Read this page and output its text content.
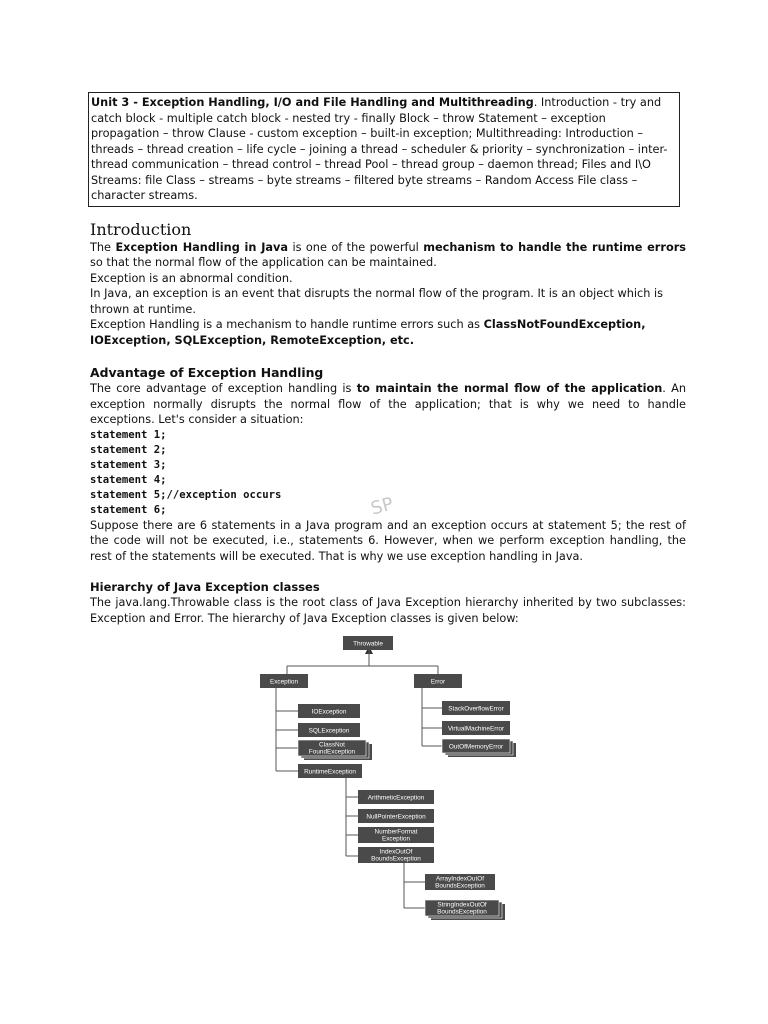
Unit 3 - Exception Handling, I/O and File Handling and Multithreading. Introduction - try and catch block - multiple catch block - nested try - finally Block – throw Statement – exception propagation – throw Clause - custom exception – built-in exception; Multithreading: Introduction – threads – thread creation – life cycle – joining a thread – scheduler & priority – synchronization – inter-thread communication – thread control – thread Pool – thread group – daemon thread; Files and I\O Streams: file Class – streams – byte streams – filtered byte streams – Random Access File class – character streams.
Introduction

The Exception Handling in Java is one of the powerful mechanism to handle the runtime errors so that the normal flow of the application can be maintained.

Exception is an abnormal condition.

In Java, an exception is an event that disrupts the normal flow of the program. It is an object which is thrown at runtime.

Exception Handling is a mechanism to handle runtime errors such as ClassNotFoundException, IOException, SQLException, RemoteException, etc.

Advantage of Exception Handling

The core advantage of exception handling is to maintain the normal flow of the application. An exception normally disrupts the normal flow of the application; that is why we need to handle exceptions. Let's consider a situation:

statement 1;

statement 2;

statement 3;

statement 4;

statement 5;//exception occurs

statement 6;

Suppose there are 6 statements in a Java program and an exception occurs at statement 5; the rest of the code will not be executed, i.e., statements 6. However, when we perform exception handling, the rest of the statements will be executed. That is why we use exception handling in Java.

Hierarchy of Java Exception classes

The java.lang.Throwable class is the root class of Java Exception hierarchy inherited by two subclasses: Exception and Error. The hierarchy of Java Exception classes is given below:

SP
Throwable
Exception	Error
IOException
SQLException
ClassNot
FoundException
RuntimeException
StackOverflowError
VirtualMachineError
OutOfMemoryError
ArithmeticException
NullPointerException
NumberFormat
Exception
IndexOutOf
BoundsException
ArrayIndexOutOf
BoundsException
StringIndexOutOf
BoundsException
